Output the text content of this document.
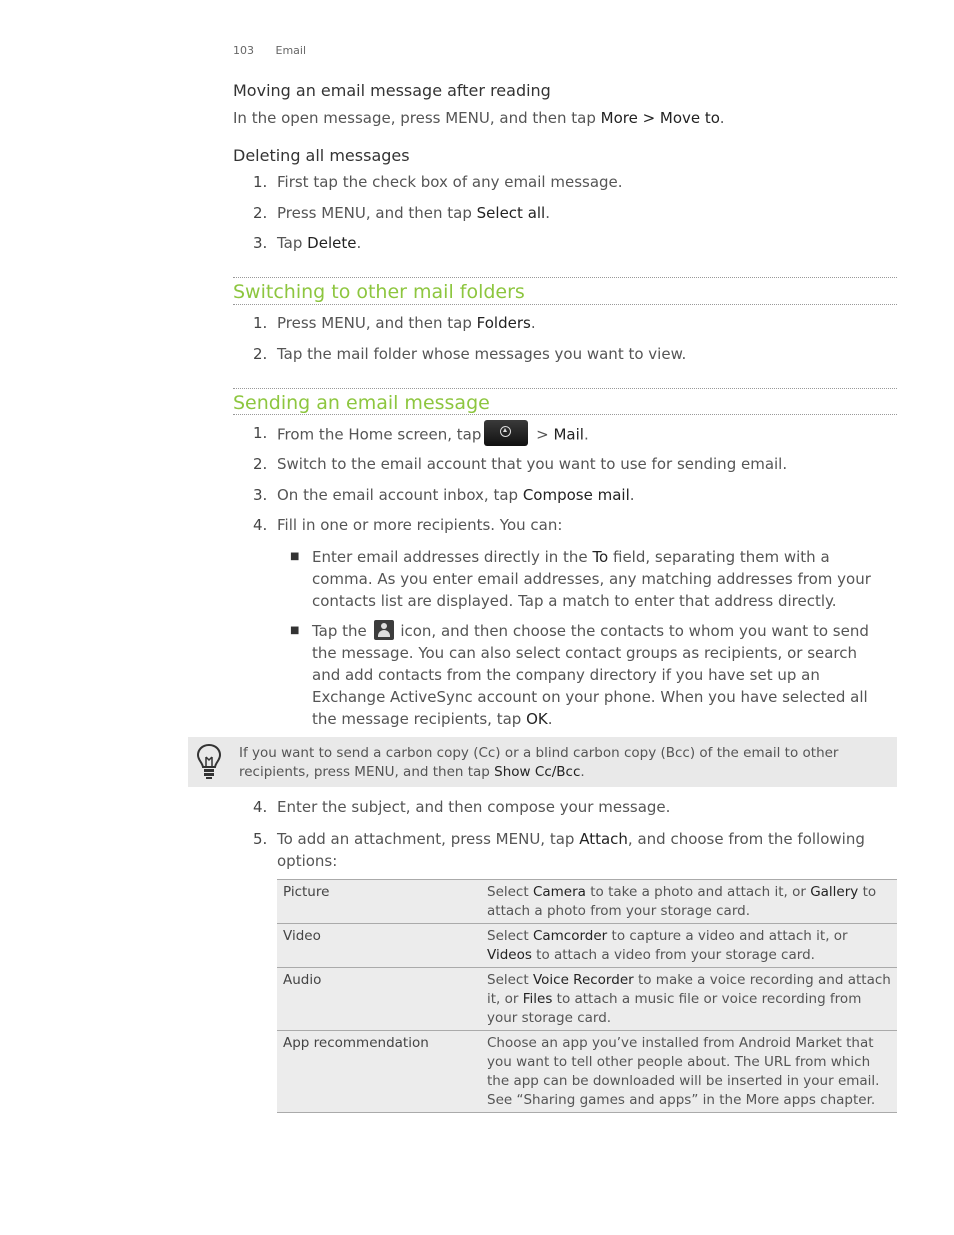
103 Email
Moving an email message after reading
In the open message, press MENU, and then tap More > Move to.
Deleting all messages
1. First tap the check box of any email message.
2. Press MENU, and then tap Select all.
3. Tap Delete.
Switching to other mail folders
1. Press MENU, and then tap Folders.
2. Tap the mail folder whose messages you want to view.
Sending an email message
1. From the Home screen, tap	> Mail.
2. Switch to the email account that you want to use for sending email.
3. On the email account inbox, tap Compose mail.
4. Fill in one or more recipients. You can:
■ Enter email addresses directly in the To field, separating them with a comma. As you enter email addresses, any matching addresses from your contacts list are displayed. Tap a match to enter that address directly.
■ Tap the  icon, and then choose the contacts to whom you want to send the message. You can also select contact groups as recipients, or search and add contacts from the company directory if you have set up an Exchange ActiveSync account on your phone. When you have selected all the message recipients, tap OK.
If you want to send a carbon copy (Cc) or a blind carbon copy (Bcc) of the email to other recipients, press MENU, and then tap Show Cc/Bcc.
4. Enter the subject, and then compose your message.
5. To add an attachment, press MENU, tap Attach, and choose from the following options:
Picture	Select Camera to take a photo and attach it, or Gallery to attach a photo from your storage card.
Video	Select Camcorder to capture a video and attach it, or Videos to attach a video from your storage card.
Audio	Select Voice Recorder to make a voice recording and attach it, or Files to attach a music file or voice recording from your storage card.
App recommendation	Choose an app you’ve installed from Android Market that you want to tell other people about. The URL from which the app can be downloaded will be inserted in your email. See “Sharing games and apps” in the More apps chapter.
